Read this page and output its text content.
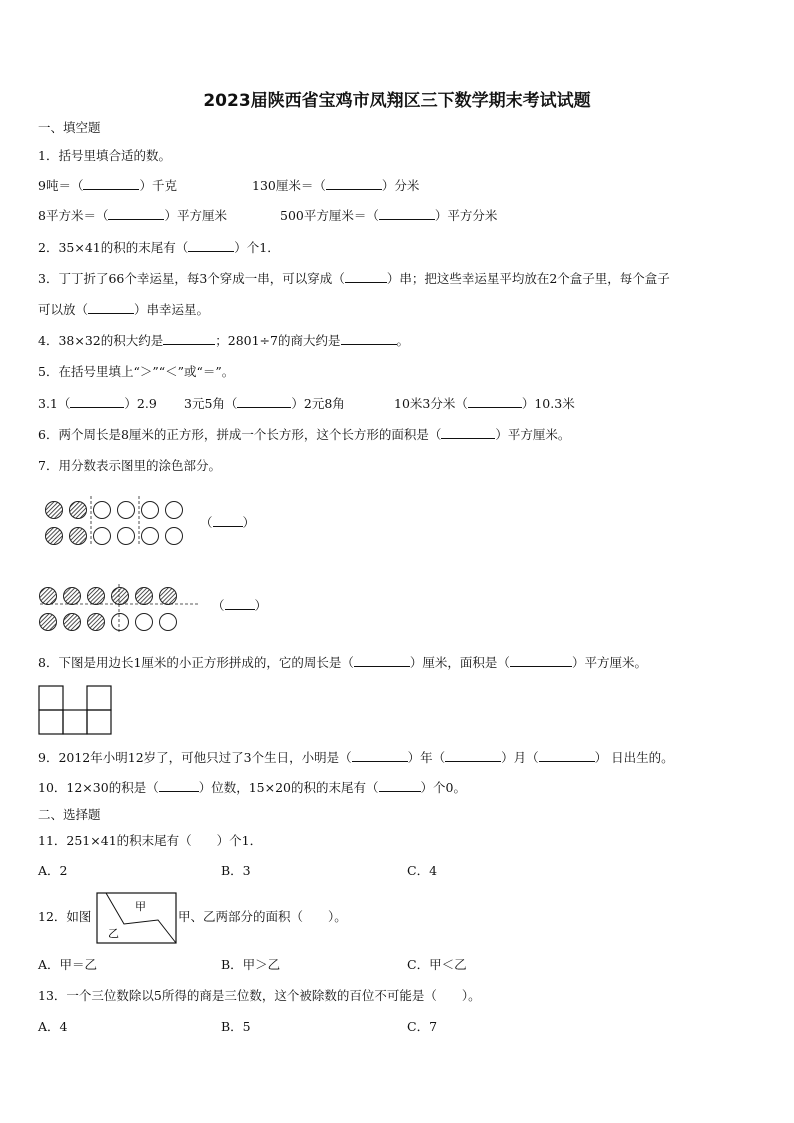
2023届陕西省宝鸡市凤翔区三下数学期末考试试题
一、填空题
1．括号里填合适的数。
9吨＝（	）千克	130厘米＝（	）分米
8平方米＝（	）平方厘米	500平方厘米＝（	）平方分米
2．35×41的积的末尾有（	）个1．
3．丁丁折了66个幸运星，每3个穿成一串，可以穿成（	）串；把这些幸运星平均放在2个盒子里，每个盒子
可以放（	）串幸运星。
4．38×32的积大约是	；2801÷7的商大约是	。
5．在括号里填上“＞”“＜”或“＝”。
3.1（	）2.9 3元5角（	）2元8角	10米3分米（	）10.3米
6．两个周长是8厘米的正方形，拼成一个长方形，这个长方形的面积是（	）平方厘米。
7．用分数表示图里的涂色部分。
（ ）
（ ）
8．下图是用边长1厘米的小正方形拼成的，它的周长是（	）厘米，面积是（	）平方厘米。
9．2012年小明12岁了，可他只过了3个生日，小明是（	）年（	）月（	） 日出生的。
10．12×30的积是（	）位数，15×20的积的末尾有（	）个0。
二、选择题
11．251×41的积末尾有（　　）个1．
A．2	B．3	C．4
12．如图
甲
乙
甲、乙两部分的面积（　　）。
A．甲＝乙	B．甲＞乙	C．甲＜乙
13．一个三位数除以5所得的商是三位数，这个被除数的百位不可能是（　　）。
A．4	B．5	C．7
